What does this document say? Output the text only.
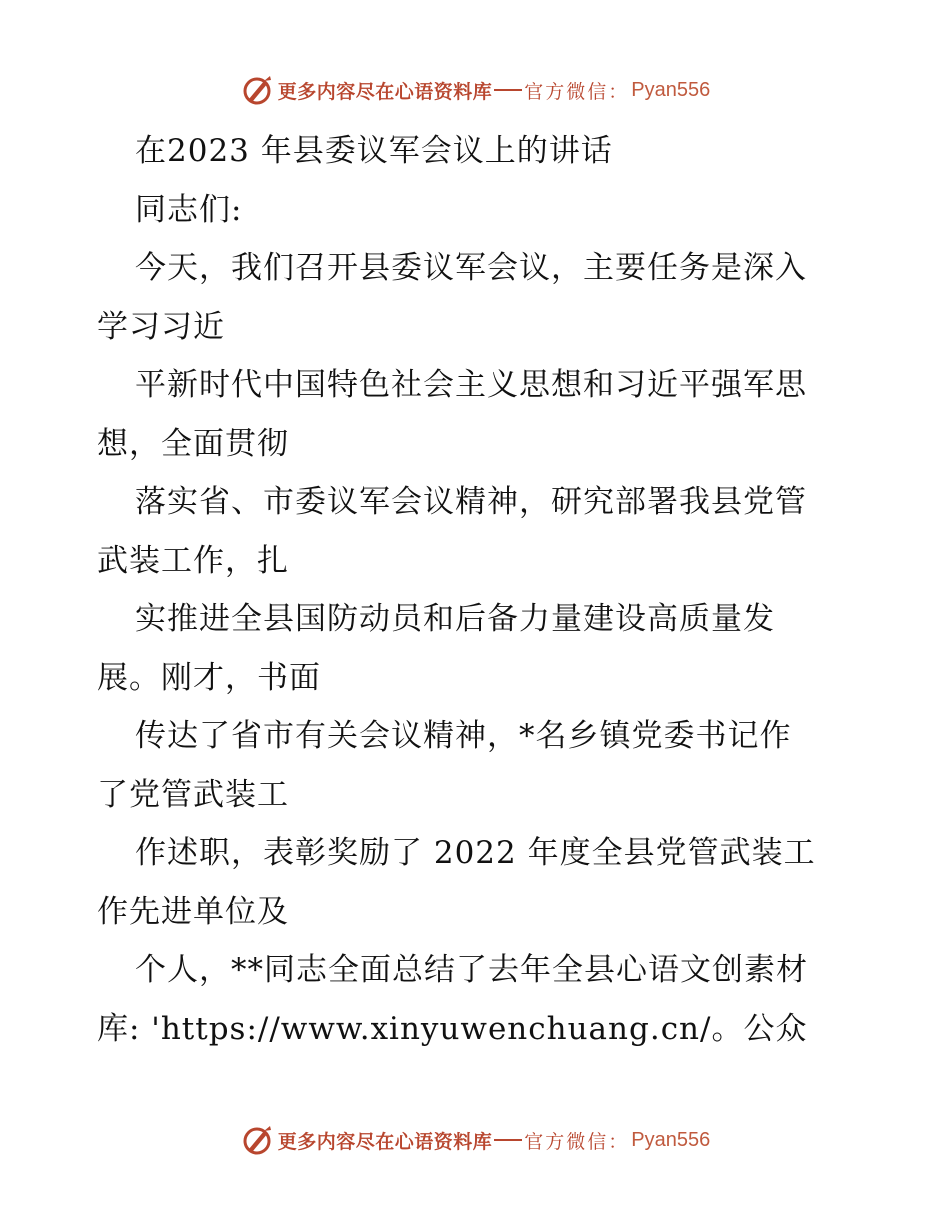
更多内容尽在心语资料库 官方微信： Pyan556
在2023 年县委议军会议上的讲话
同志们:
今天，我们召开县委议军会议，主要任务是深入
学习习近
平新时代中国特色社会主义思想和习近平强军思
想，全面贯彻
落实省、市委议军会议精神，研究部署我县党管
武装工作，扎
实推进全县国防动员和后备力量建设高质量发
展。刚才，书面
传达了省市有关会议精神，*名乡镇党委书记作
了党管武装工
作述职，表彰奖励了 2022 年度全县党管武装工
作先进单位及
个人，**同志全面总结了去年全县心语文创素材
库: 'https://www.xinyuwenchuang.cn/。公众
更多内容尽在心语资料库 官方微信： Pyan556
